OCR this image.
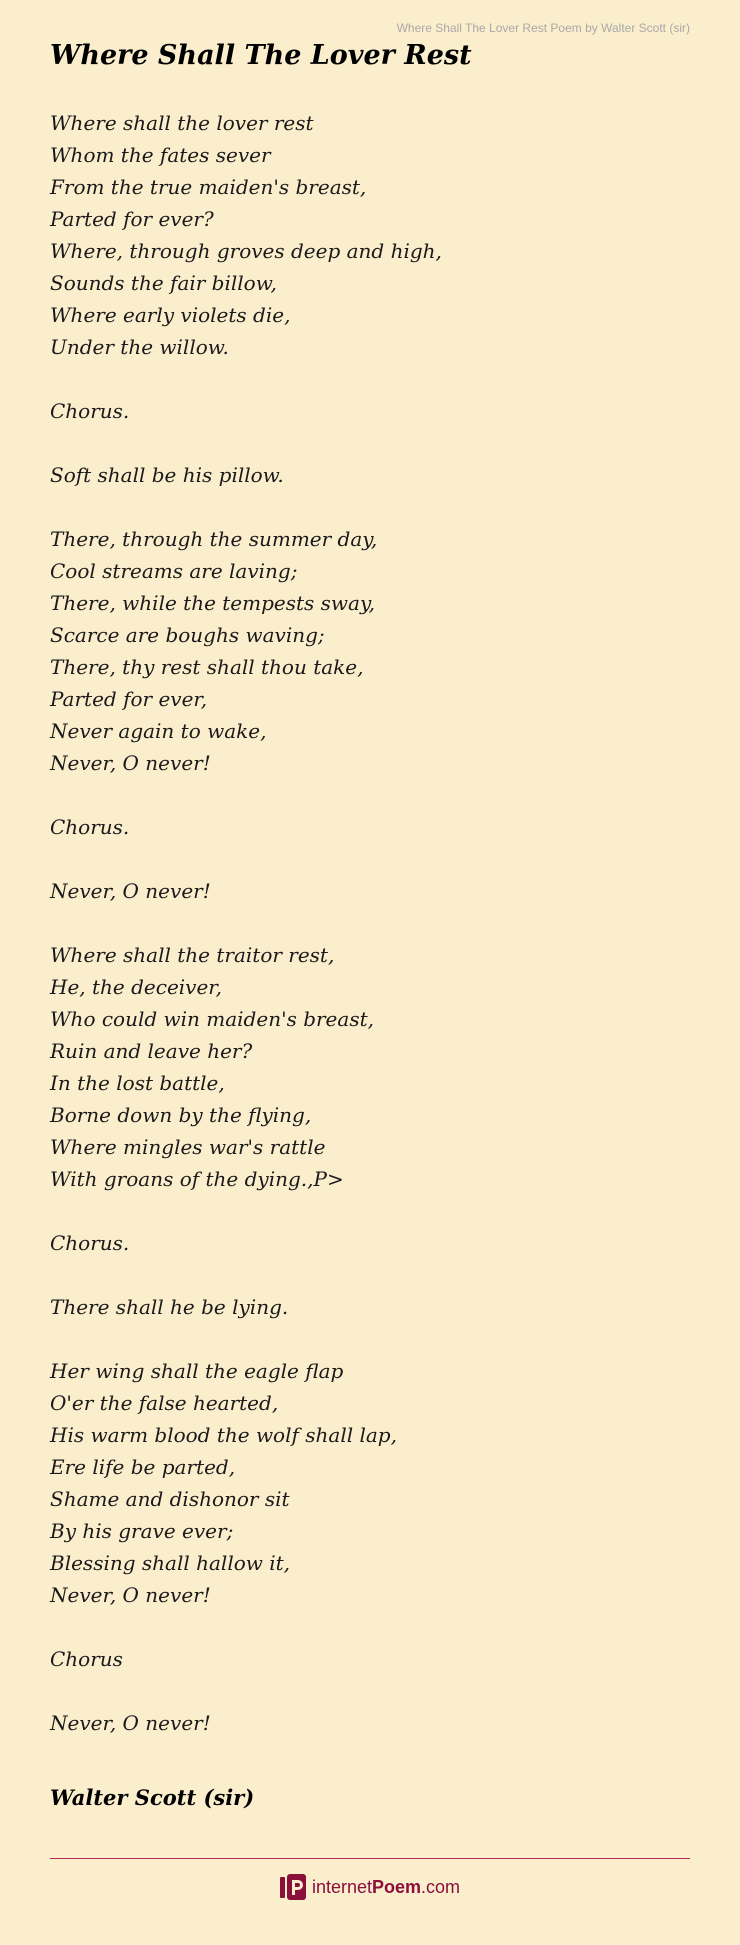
Where Shall The Lover Rest Poem by Walter Scott (sir)
Where Shall The Lover Rest
Where shall the lover rest
Whom the fates sever
From the true maiden's breast,
Parted for ever?
Where, through groves deep and high,
Sounds the fair billow,
Where early violets die,
Under the willow.
Chorus.
Soft shall be his pillow.
There, through the summer day,
Cool streams are laving;
There, while the tempests sway,
Scarce are boughs waving;
There, thy rest shall thou take,
Parted for ever,
Never again to wake,
Never, O never!
Chorus.
Never, O never!
Where shall the traitor rest,
He, the deceiver,
Who could win maiden's breast,
Ruin and leave her?
In the lost battle,
Borne down by the flying,
Where mingles war's rattle
With groans of the dying.,P>
Chorus.
There shall he be lying.
Her wing shall the eagle flap
O'er the false hearted,
His warm blood the wolf shall lap,
Ere life be parted,
Shame and dishonor sit
By his grave ever;
Blessing shall hallow it,
Never, O never!
Chorus
Never, O never!
Walter Scott (sir)
internetPoem.com
